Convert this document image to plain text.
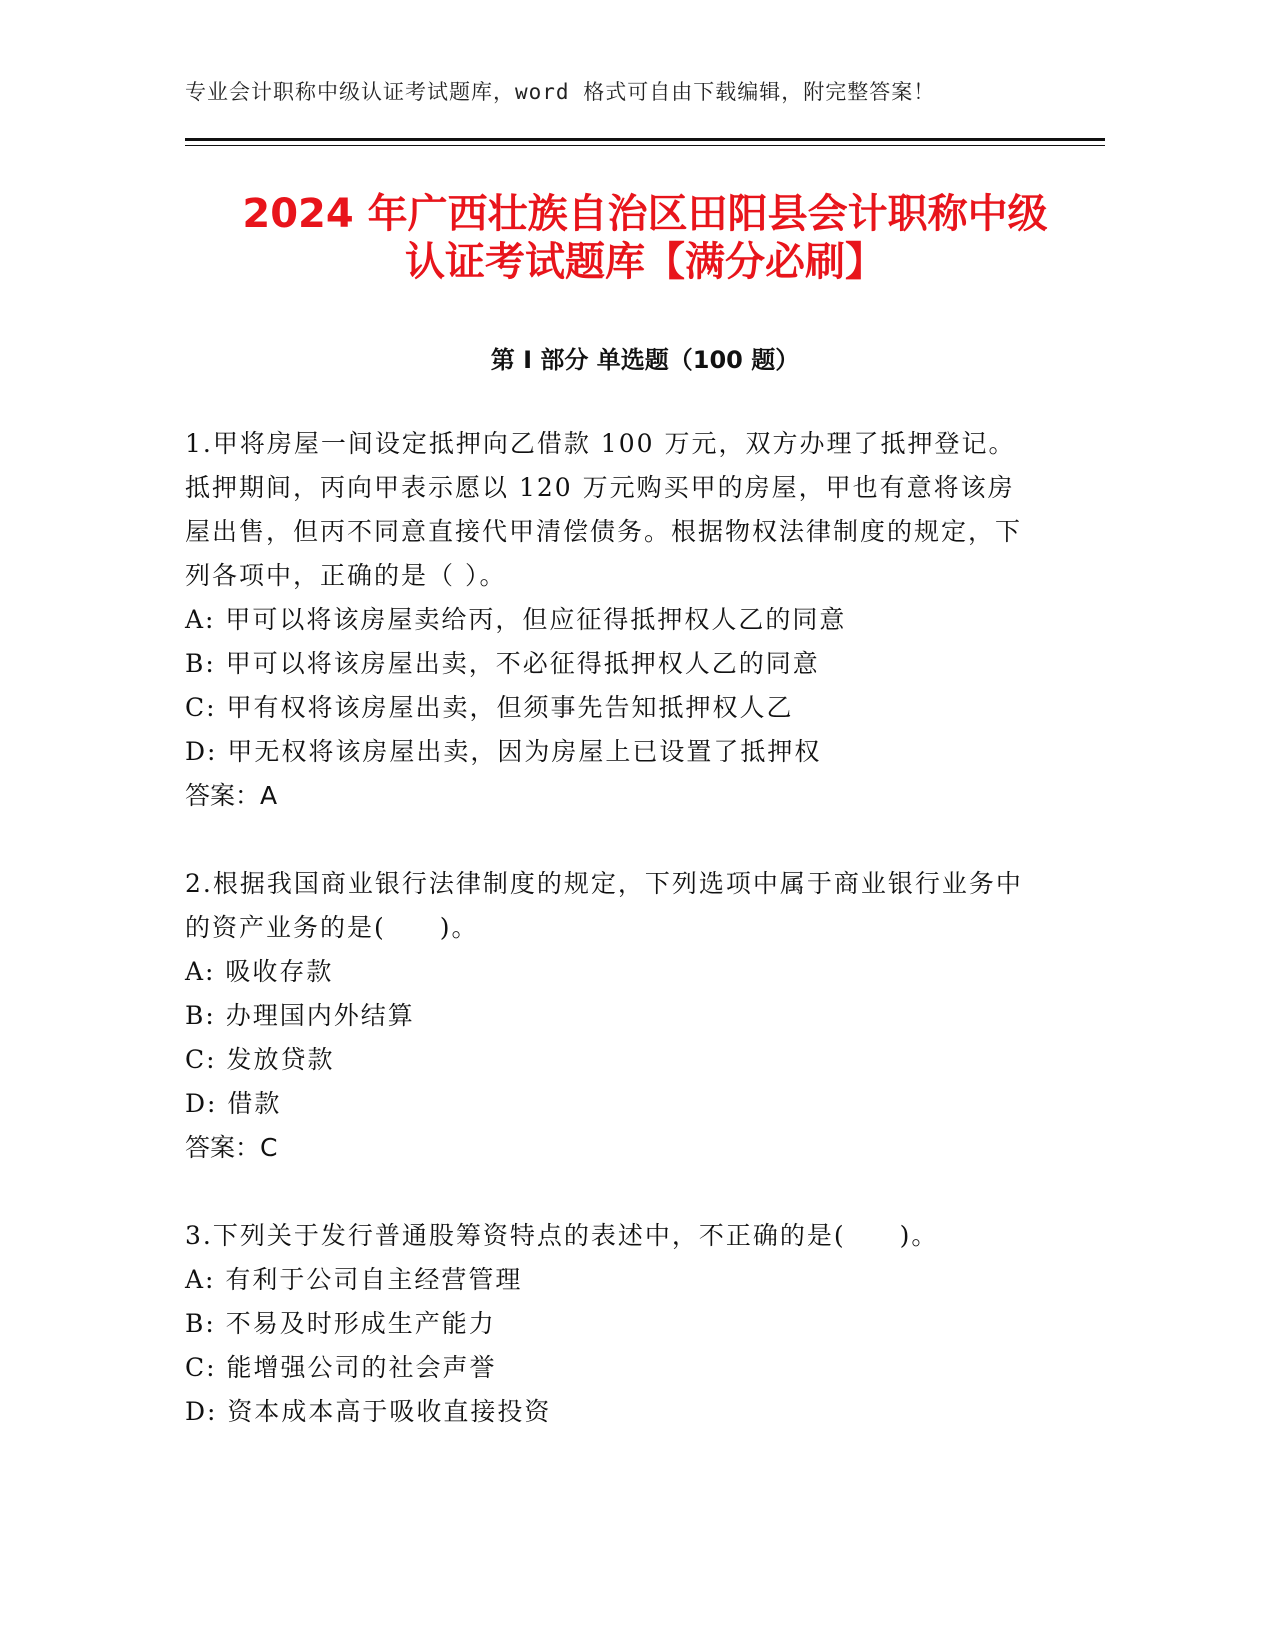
专业会计职称中级认证考试题库，word 格式可自由下载编辑，附完整答案！
2024 年广西壮族自治区田阳县会计职称中级
认证考试题库【满分必刷】
第 I 部分 单选题（100 题）

1.甲将房屋一间设定抵押向乙借款 100 万元，双方办理了抵押登记。抵押期间，丙向甲表示愿以 120 万元购买甲的房屋，甲也有意将该房屋出售，但丙不同意直接代甲清偿债务。根据物权法律制度的规定，下列各项中，正确的是（ ）。

A: 甲可以将该房屋卖给丙，但应征得抵押权人乙的同意

B: 甲可以将该房屋出卖，不必征得抵押权人乙的同意

C: 甲有权将该房屋出卖，但须事先告知抵押权人乙

D: 甲无权将该房屋出卖，因为房屋上已设置了抵押权

答案：A

2.根据我国商业银行法律制度的规定，下列选项中属于商业银行业务中的资产业务的是(　　)。

A: 吸收存款

B: 办理国内外结算

C: 发放贷款

D: 借款

答案：C

3.下列关于发行普通股筹资特点的表述中，不正确的是(　　)。

A: 有利于公司自主经营管理

B: 不易及时形成生产能力

C: 能增强公司的社会声誉

D: 资本成本高于吸收直接投资
